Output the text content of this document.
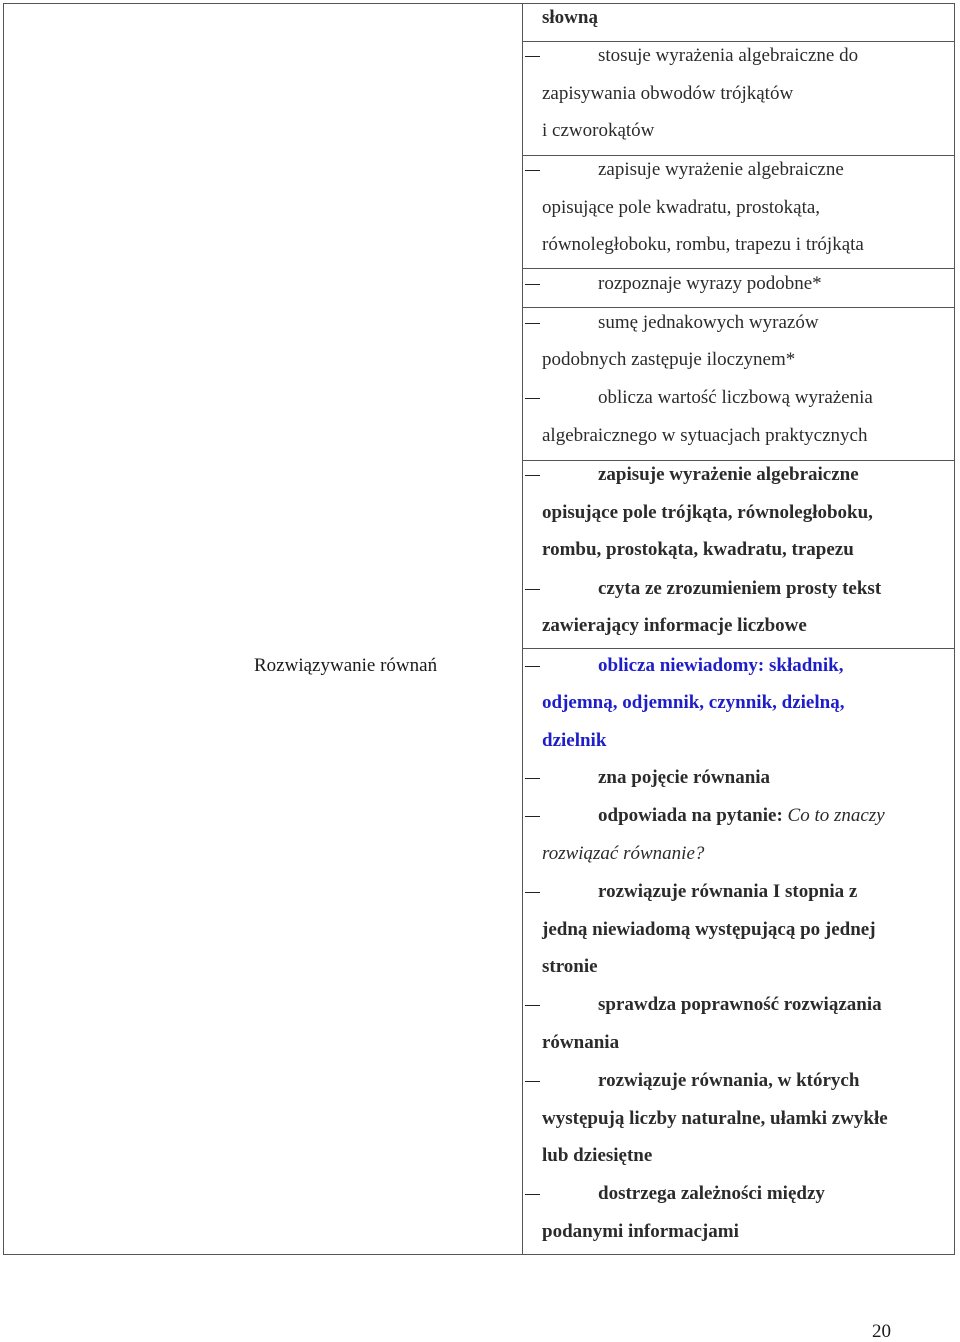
słowną
stosuje wyrażenia algebraiczne do
zapisywania obwodów trójkątów
i czworokątów
zapisuje wyrażenie algebraiczne
opisujące pole kwadratu, prostokąta,
równoległoboku, rombu, trapezu i trójkąta
rozpoznaje wyrazy podobne*
sumę jednakowych wyrazów
podobnych zastępuje iloczynem*
oblicza wartość liczbową wyrażenia
algebraicznego w sytuacjach praktycznych
zapisuje wyrażenie algebraiczne
opisujące pole trójkąta, równoległoboku,
rombu, prostokąta, kwadratu, trapezu
czyta ze zrozumieniem prosty tekst
zawierający informacje liczbowe
Rozwiązywanie równań	oblicza niewiadomy: składnik,
odjemną, odjemnik, czynnik, dzielną,
dzielnik
zna pojęcie równania
odpowiada na pytanie: Co to znaczy
rozwiązać równanie?
rozwiązuje równania I stopnia z
jedną niewiadomą występującą po jednej
stronie
sprawdza poprawność rozwiązania
równania
rozwiązuje równania, w których
występują liczby naturalne, ułamki zwykłe
lub dziesiętne
dostrzega zależności między
podanymi informacjami
20
